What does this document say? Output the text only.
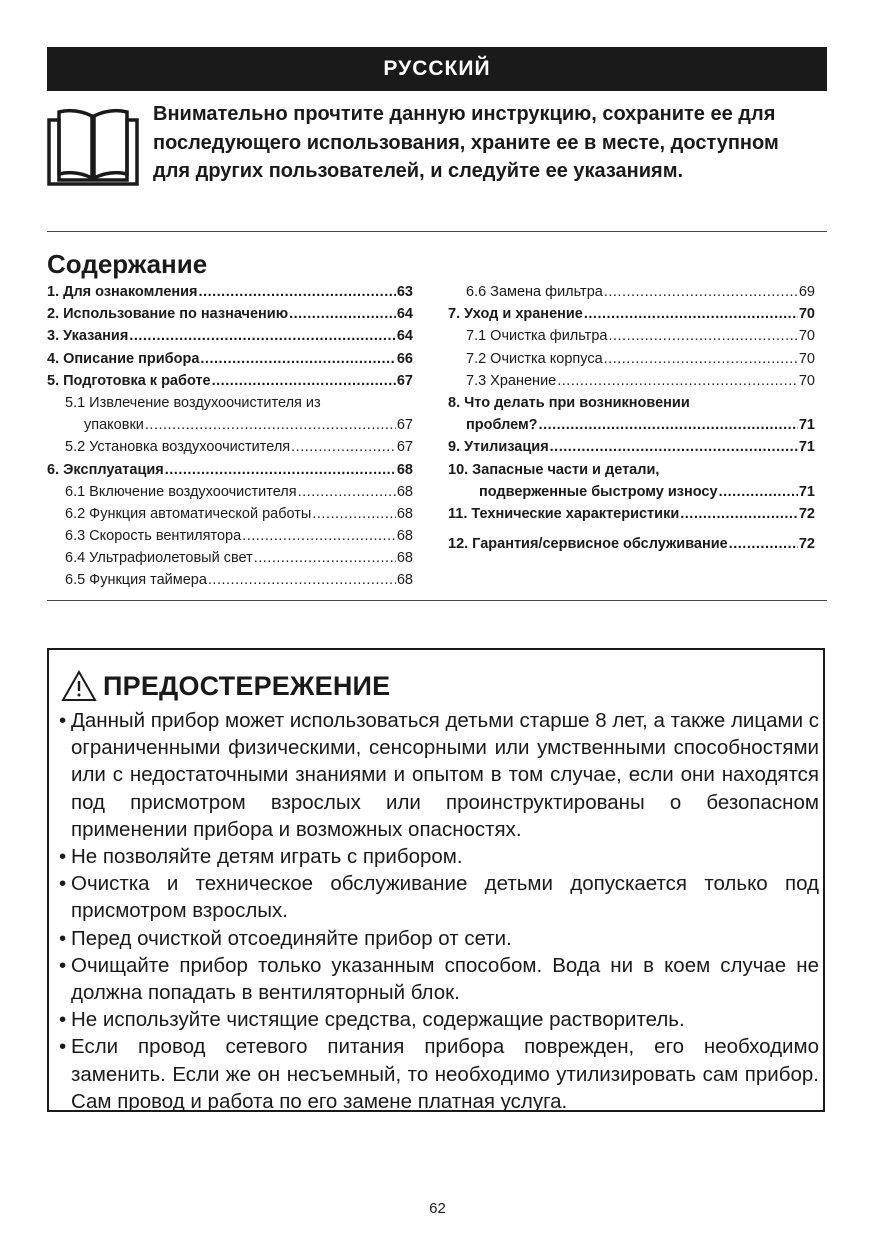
РУССКИЙ

Внимательно прочтите данную инструкцию, сохраните ее для последующего использования, храните ее в месте, доступном для других пользователей, и следуйте ее указаниям.

Содержание
1. Для ознакомления .....	63
2. Использование по назначению .....	64
3. Указания .....	64
4. Описание прибора .....	66
5. Подготовка к работе .....	67
5.1 Извлечение воздухоочистителя из
упаковки .....	67
5.2 Установка воздухоочистителя .....	67
6. Эксплуатация .....	68
6.1 Включение воздухоочистителя .....	68
6.2 Функция автоматической работы .....	68
6.3 Скорость вентилятора .....	68
6.4 Ультрафиолетовый свет .....	68
6.5 Функция таймера .....	68
6.6 Замена фильтра .....	69
7. Уход и хранение .....	70
7.1 Очистка фильтра .....	70
7.2 Очистка корпуса .....	70
7.3 Хранение .....	70
8. Что делать при возникновении
проблем? .....	71
9. Утилизация .....	71
10. Запасные части и детали,
подверженные быстрому износу .....	71
11. Технические характеристики .....	72
12. Гарантия/сервисное обслуживание .....	72
ПРЕДОСТЕРЕЖЕНИЕ
• Данный прибор может использоваться детьми старше 8 лет, а также лицами с ограниченными физическими, сенсорными или умственными способностями или с недостаточными знаниями и опытом в том случае, если они находятся под присмотром взрослых или проинструктированы о безопасном применении прибора и возможных опасностях.
• Не позволяйте детям играть с прибором.
• Очистка и техническое обслуживание детьми допускается только под присмотром взрослых.
• Перед очисткой отсоединяйте прибор от сети.
• Очищайте прибор только указанным способом. Вода ни в коем случае не должна попадать в вентиляторный блок.
• Не используйте чистящие средства, содержащие растворитель.
• Если провод сетевого питания прибора поврежден, его необходимо заменить. Если же он несъемный, то необходимо утилизировать сам прибор. Сам провод и работа по его замене платная услуга.
62
